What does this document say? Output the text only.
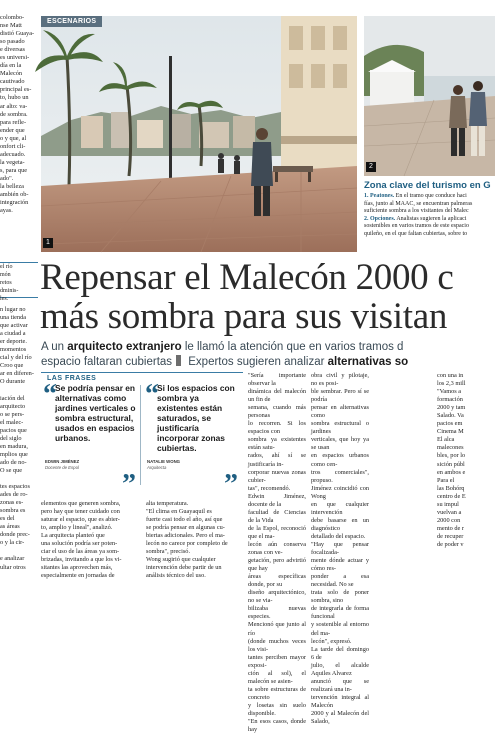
colombo-

nse Matt

distió Guaya-

so pasado

e diversas

es universi-

día en la

Malecón

cautivado

principal es-

to, hubo un

ar alto: va-

de sombra.

para refle-

ender que

o y que, al

onfort cli-

adecuado.

la vegeta-

s, para que

ado".

la belleza

ambién ob-

integración

ayas.

el río

món

retos

dminis-

les.

n lugar no

una tienda

que activar

a ciudad a

er deporte.

momentos

cial y del río

Croo que

ar en diferen-

O durante

iación del

arquitecto

o se pers-

el malec-

pacios que

del siglo

en madura,

mplios que

ado de no-

O se que

tes espacios

ades de ro-

zonas es-

sombra es

es del

as áreas

donde prec-

o y la cir-

e analizar

ultar otros

ESCENARIOS
1
2
Zona clave del turismo en G

1. Peatones. En el tramo que conduce haci

fías, junto al MAAC, se encuentran palmeras

suficiente sombra a los visitantes del Malec

2. Opciones. Analistas sugieren la aplicaci

sostenibles en varios tramos de este espacio

quileño, en el que faltan cubiertas, sobre to

Repensar el Malecón 2000 c
más sombra para sus visitan
A un arquitecto extranjero le llamó la atención que en varios tramos d
espacio faltaran cubiertas Expertos sugieren analizar alternativas so
LAS FRASES
“
Se podría pensar en alternativas como jardines verticales o sombra estructural, usados en espacios urbanos.
EDWIN JIMÉNEZ
Docente de Espol
”
“
Si los espacios con sombra ya existentes están saturados, se justificaría incorporar zonas cubiertas.
NATALIE WONG
Arquitecta
”

elementos que generen sombra,

pero hay que tener cuidado con

saturar el espacio, que es abier-

to, amplio y lineal", analizó.

La arquitecta planteó que

una solución podría ser poten-

ciar el uso de las áreas ya som-

brizadas, invitando a que los vi-

sitantes las aprovechen más,

especialmente en jornadas de

alta temperatura.

"El clima en Guayaquil es

fuerte casi todo el año, así que

se podría pensar en algunas cu-

biertas adicionales. Pero el ma-

lecón no carece por completo de

sombra", precisó.

Wong sugirió que cualquier

intervención debe partir de un

análisis técnico del uso.

"Sería importante observar la

dinámica del malecón un fin de

semana, cuando más personas

lo recorren. Si los espacios con

sombra ya existentes están satu-

rados, ahí sí se justificaría in-

corporar nuevas zonas cubier-

tas", recomendó.

Edwin Jiménez, docente de la

facultad de Ciencias de la Vida

de la Espol, reconoció que el ma-

lecón aún conserva zonas con ve-

getación, pero advirtió que hay

áreas específicas donde, por su

diseño arquitectónico, no se via-

bilizaba nuevas especies.

Mencionó que junto al río

(donde muchos veces los visi-

tantes perciben mayor exposi-

ción al sol), el malecón se asien-

ta sobre estructuras de concreto

y losetas sin suelo disponible.

"En esos casos, donde hay

obra civil y pilotaje, no es posi-

ble sembrar. Pero sí se podría

pensar en alternativas como

sombra estructural o jardines

verticales, que hoy ya se usan

en espacios urbanos como cen-

tros comerciales", propuso.

Jiménez coincidió con Wong

en que cualquier intervención

debe basarse en un diagnóstico

detallado del espacio.

"Hay que pensar focalizada-

mente dónde actuar y cómo res-

ponder a esa necesidad. No se

trata solo de poner sombra, sino

de integrarla de forma funcional

y sostenible al entorno del ma-

lecón", expresó.

La tarde del domingo 6 de

julio, el alcalde Aquiles Alvarez

anunció que se realizará una in-

tervención integral al Malecón

2000 y al Malecón del Salado,

con una in

los 2,3 mill

"Vamos a

formación

2000 y tam

Salado. Va

pacios em

Cinema M

El alca

malecones

bles, por lo

sición públ

en ambos e

Para el

las Bohórq

centro de E

su impul

vuelvan a

2000 con

mento de r

de recuper

de poder v
